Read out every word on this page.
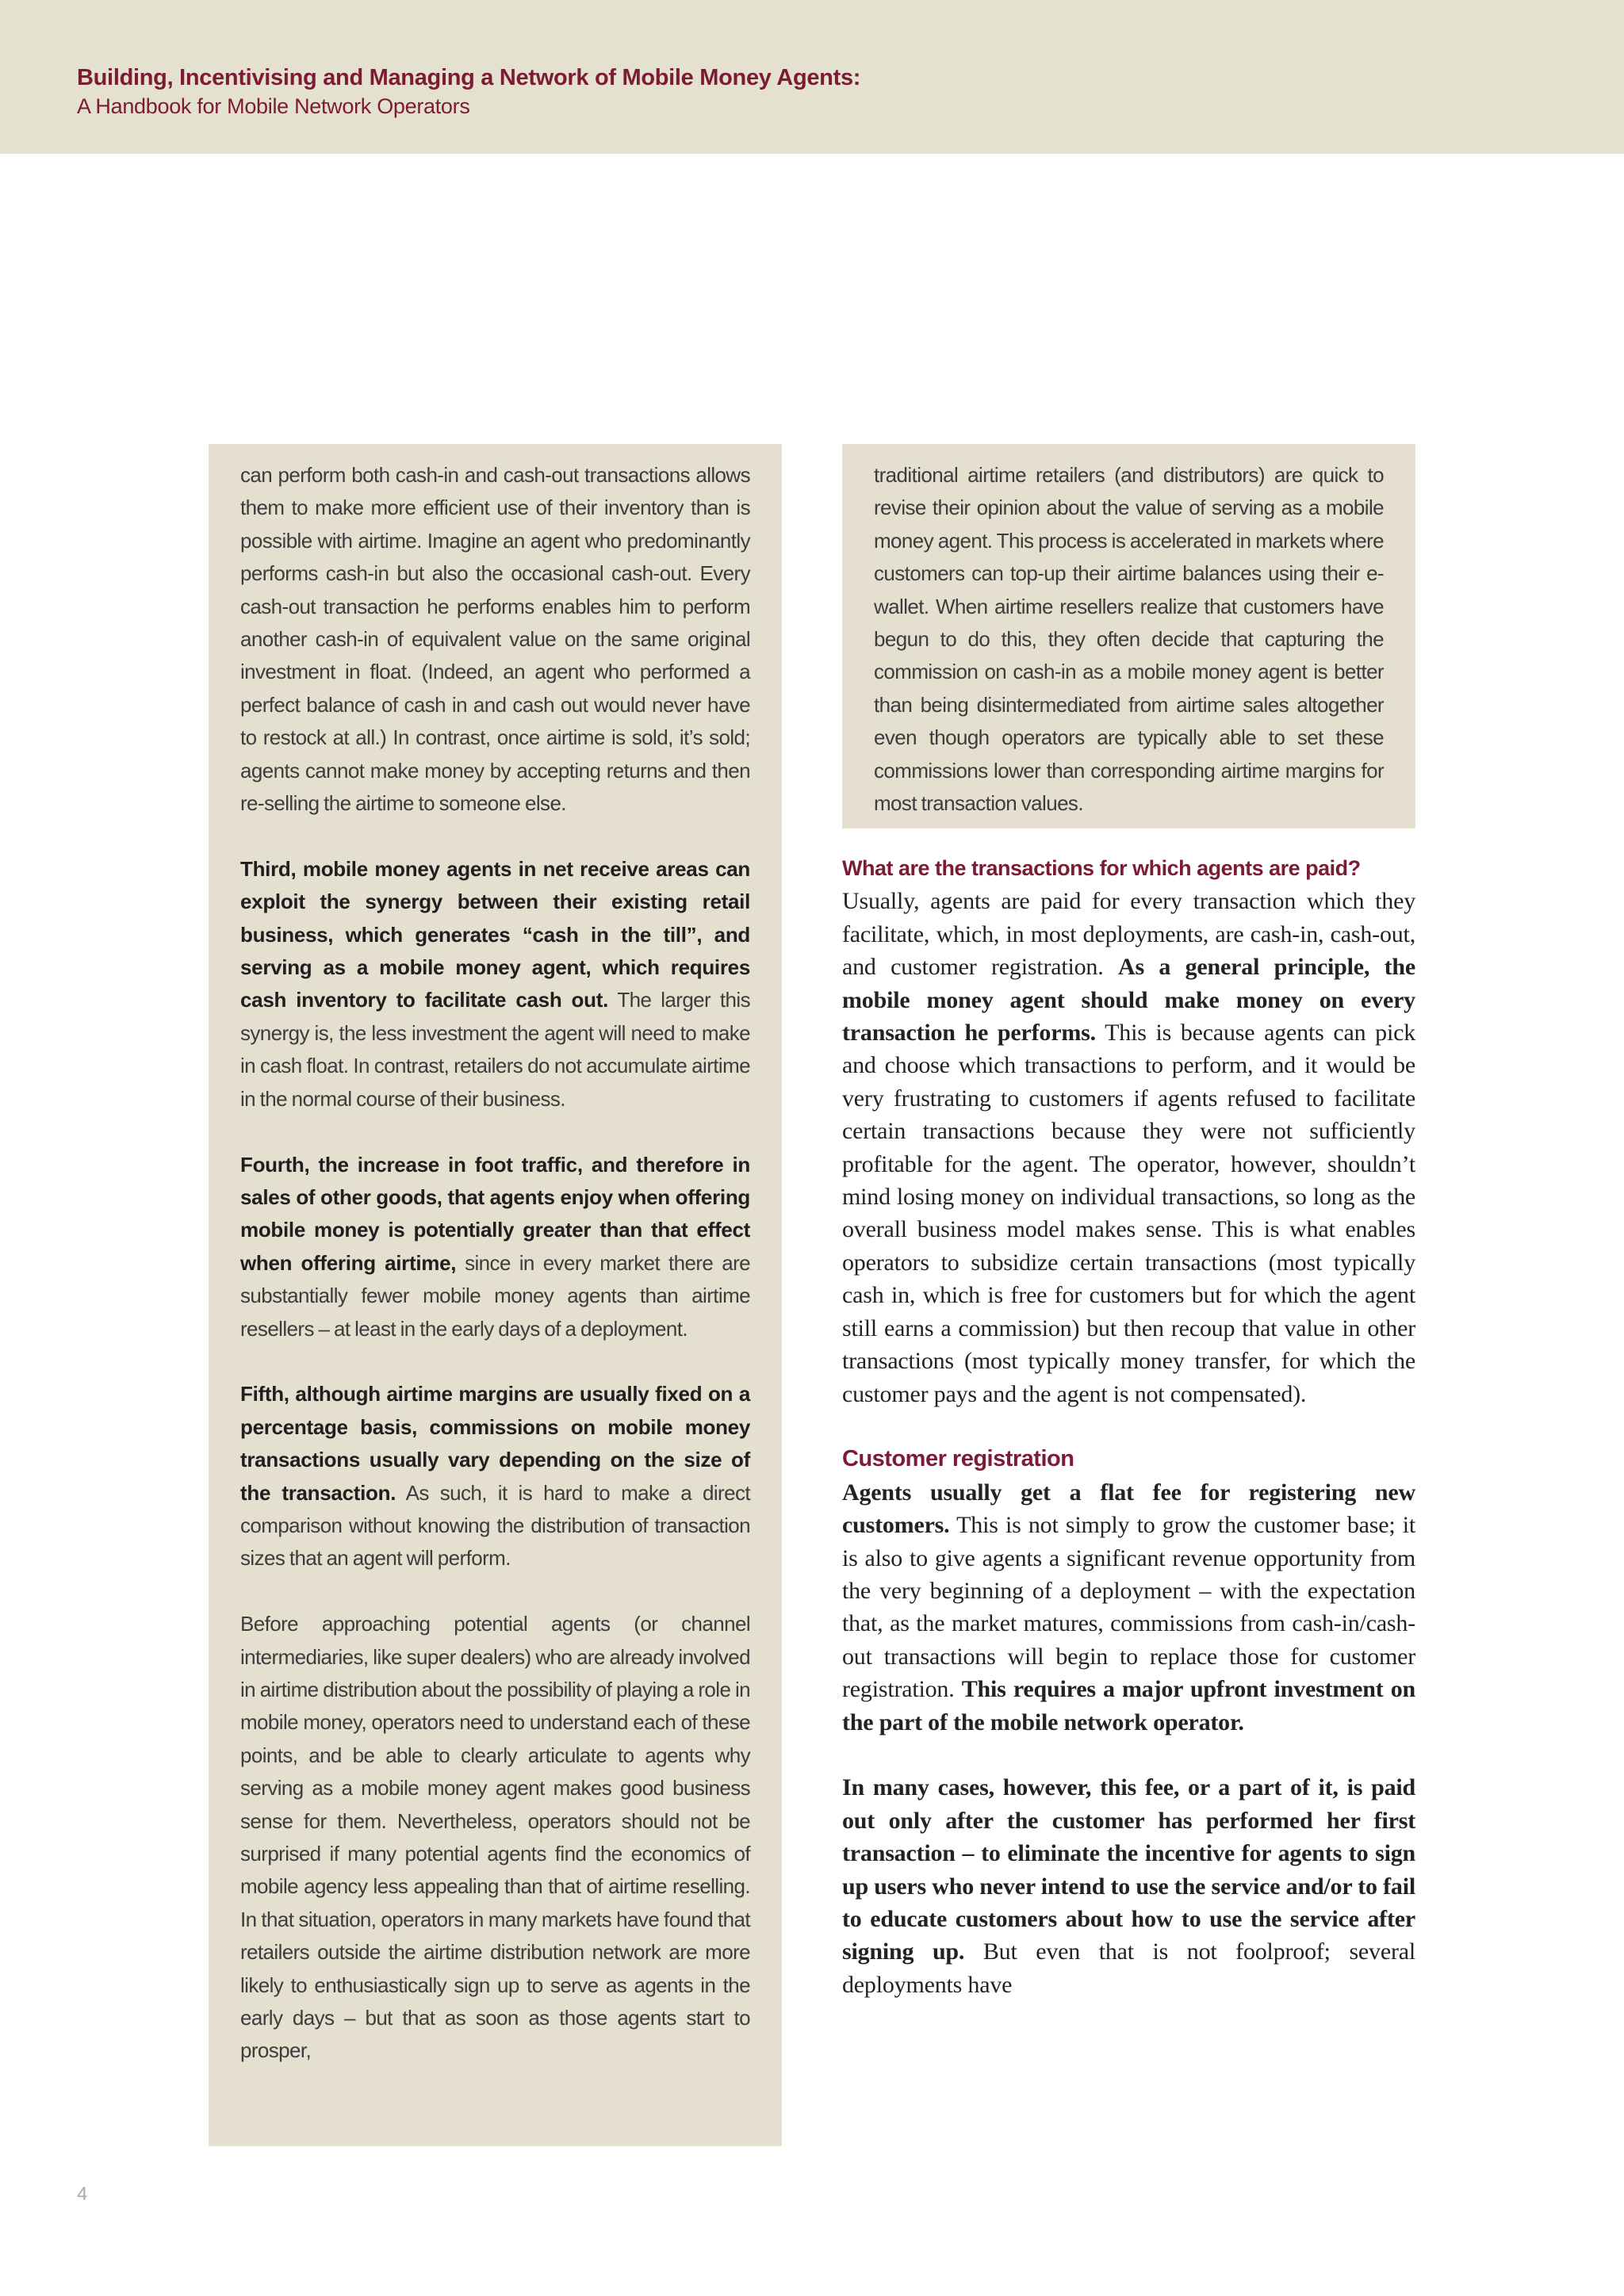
Building, Incentivising and Managing a Network of Mobile Money Agents:
A Handbook for Mobile Network Operators

can perform both cash-in and cash-out transactions allows them to make more efficient use of their inventory than is possible with airtime. Imagine an agent who predominantly performs cash-in but also the occasional cash-out. Every cash-out transaction he performs enables him to perform another cash-in of equivalent value on the same original investment in float. (Indeed, an agent who performed a perfect balance of cash in and cash out would never have to restock at all.) In contrast, once airtime is sold, it’s sold; agents cannot make money by accepting returns and then re-selling the airtime to someone else.

Third, mobile money agents in net receive areas can exploit the synergy between their existing retail business, which generates “cash in the till”, and serving as a mobile money agent, which requires cash inventory to facilitate cash out. The larger this synergy is, the less investment the agent will need to make in cash float. In contrast, retailers do not accumulate airtime in the normal course of their business.

Fourth, the increase in foot traffic, and therefore in sales of other goods, that agents enjoy when offering mobile money is potentially greater than that effect when offering airtime, since in every market there are substantially fewer mobile money agents than airtime resellers – at least in the early days of a deployment.

Fifth, although airtime margins are usually fixed on a percentage basis, commissions on mobile money transactions usually vary depending on the size of the transaction. As such, it is hard to make a direct comparison without knowing the distribution of transaction sizes that an agent will perform.

Before approaching potential agents (or channel intermediaries, like super dealers) who are already involved in airtime distribution about the possibility of playing a role in mobile money, operators need to understand each of these points, and be able to clearly articulate to agents why serving as a mobile money agent makes good business sense for them. Nevertheless, operators should not be surprised if many potential agents find the economics of mobile agency less appealing than that of airtime reselling. In that situation, operators in many markets have found that retailers outside the airtime distribution network are more likely to enthusiastically sign up to serve as agents in the early days – but that as soon as those agents start to prosper,

traditional airtime retailers (and distributors) are quick to revise their opinion about the value of serving as a mobile money agent. This process is accelerated in markets where customers can top-up their airtime balances using their e-wallet. When airtime resellers realize that customers have begun to do this, they often decide that capturing the commission on cash-in as a mobile money agent is better than being disintermediated from airtime sales altogether even though operators are typically able to set these commissions lower than corresponding airtime margins for most transaction values.

What are the transactions for which agents are paid?

Usually, agents are paid for every transaction which they facilitate, which, in most deployments, are cash-in, cash-out, and customer registration. As a general principle, the mobile money agent should make money on every transaction he performs. This is because agents can pick and choose which transactions to perform, and it would be very frustrating to customers if agents refused to facilitate certain transactions because they were not sufficiently profitable for the agent. The operator, however, shouldn’t mind losing money on individual transactions, so long as the overall business model makes sense. This is what enables operators to subsidize certain transactions (most typically cash in, which is free for customers but for which the agent still earns a commission) but then recoup that value in other transactions (most typically money transfer, for which the customer pays and the agent is not compensated).

Customer registration

Agents usually get a flat fee for registering new customers. This is not simply to grow the customer base; it is also to give agents a significant revenue opportunity from the very beginning of a deployment – with the expectation that, as the market matures, commissions from cash-in/cash-out transactions will begin to replace those for customer registration. This requires a major upfront investment on the part of the mobile network operator.

In many cases, however, this fee, or a part of it, is paid out only after the customer has performed her first transaction – to eliminate the incentive for agents to sign up users who never intend to use the service and/or to fail to educate customers about how to use the service after signing up. But even that is not foolproof; several deployments have

4
